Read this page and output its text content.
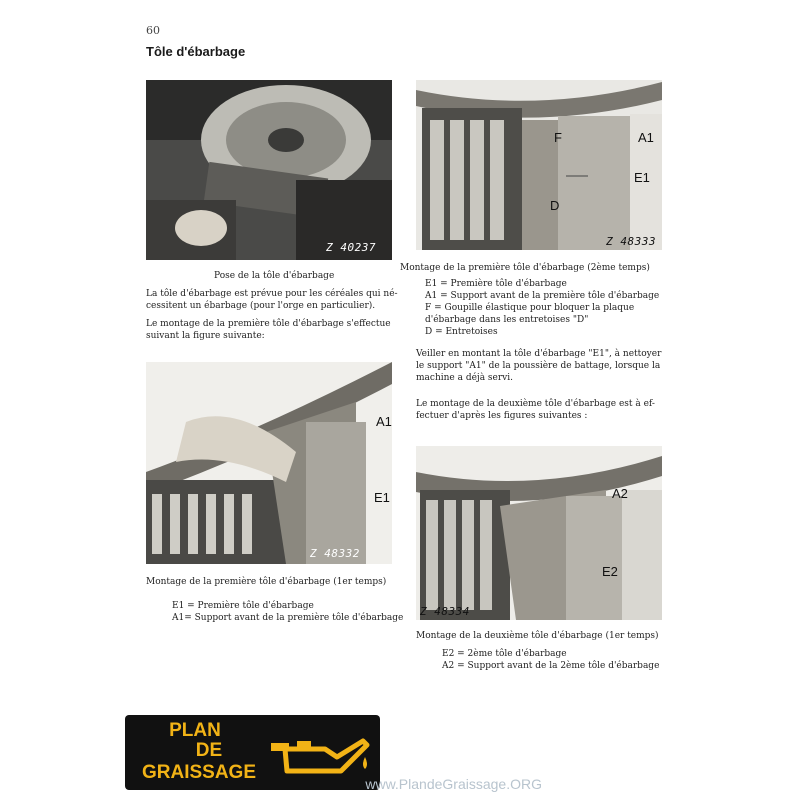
60
Tôle d'ébarbage
Z 40237
F	A1
E1
D
Z 48333
Pose de la tôle d'ébarbage
La tôle d'ébarbage est prévue pour les céréales qui né-
cessitent un ébarbage (pour l'orge en particulier).
Le montage de la première tôle d'ébarbage s'effectue
suivant la figure suivante:
Montage de la première tôle d'ébarbage (2ème temps)
E1 = Première tôle d'ébarbage
A1 = Support avant de la première tôle d'ébarbage
F = Goupille élastique pour bloquer la plaque
d'ébarbage dans les entretoises "D"
D = Entretoises
Veiller en montant la tôle d'ébarbage "E1", à nettoyer
le support "A1" de la poussière de battage, lorsque la
machine a déjà servi.
Le montage de la deuxième tôle d'ébarbage est à ef-
fectuer d'après les figures suivantes :
A1
E1
Z 48332
A2
E2
Z 48334
Montage de la première tôle d'ébarbage (1er temps)
E1 = Première tôle d'ébarbage
A1= Support avant de la première tôle d'ébarbage
Montage de la deuxième tôle d'ébarbage (1er temps)
E2 = 2ème tôle d'ébarbage
A2 = Support avant de la 2ème tôle d'ébarbage
PLAN
DE
GRAISSAGE
www.PlandeGraissage.ORG
